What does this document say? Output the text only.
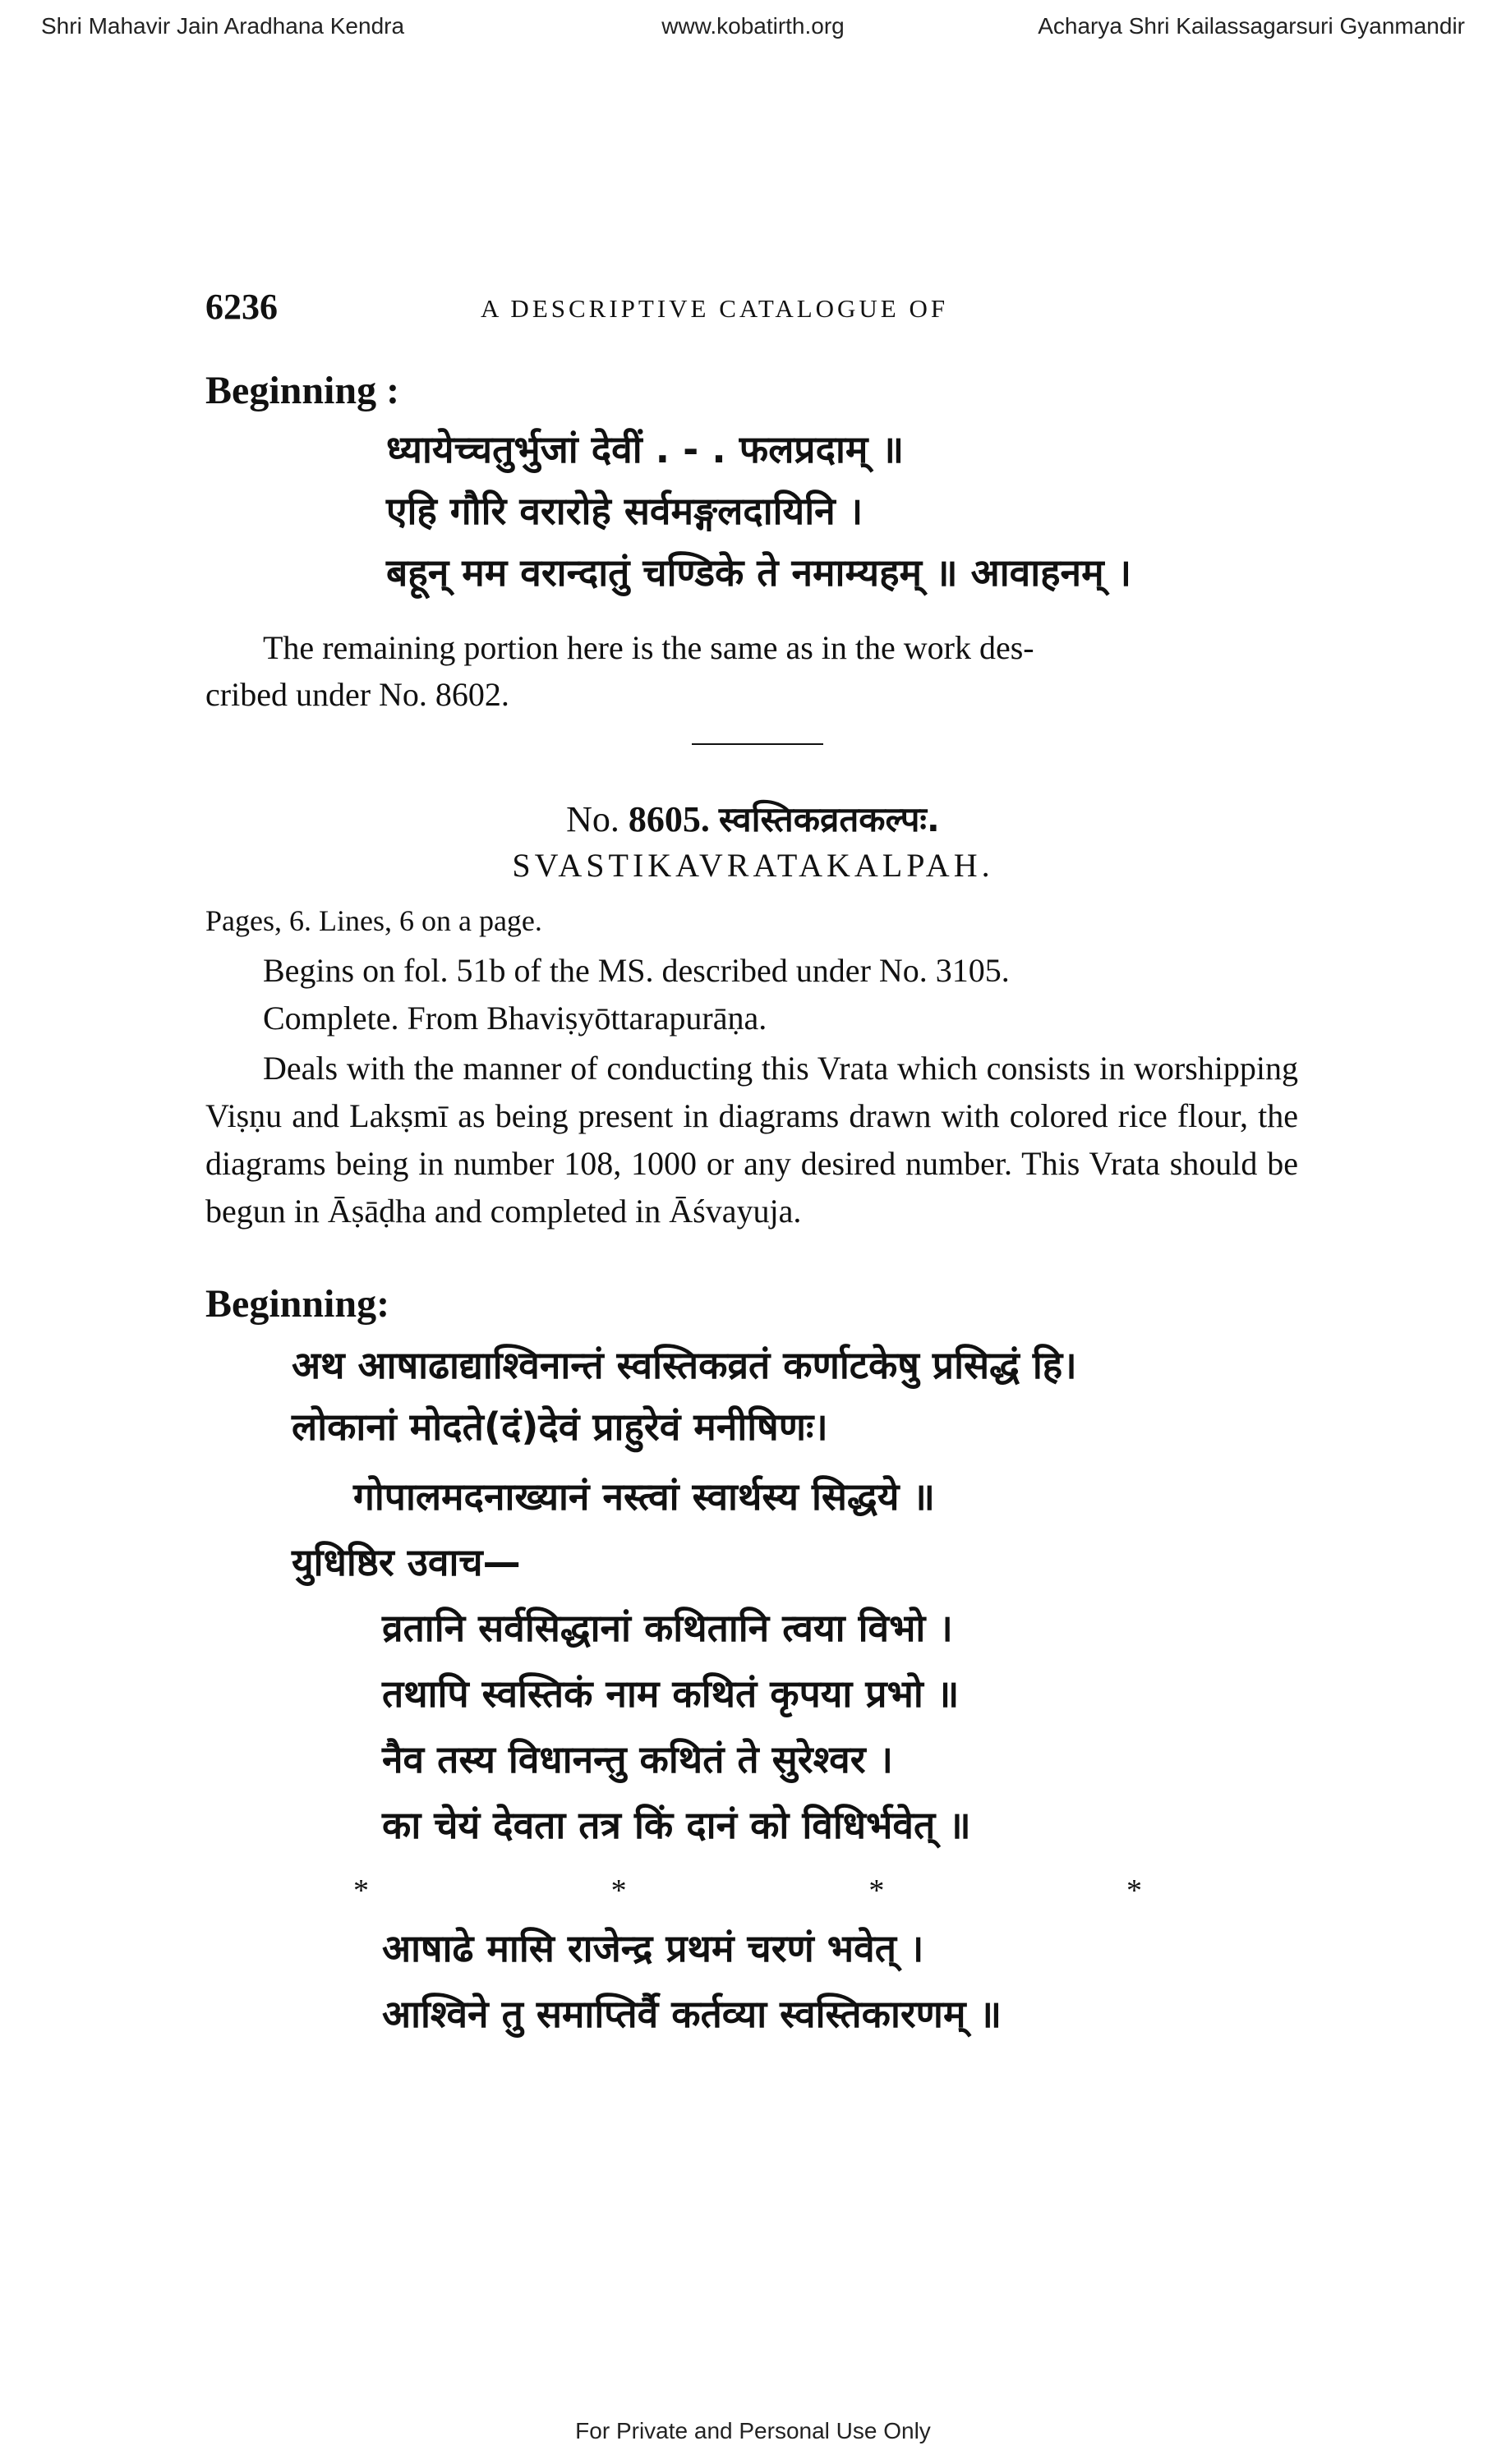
Shri Mahavir Jain Aradhana Kendra	www.kobatirth.org	Acharya Shri Kailassagarsuri Gyanmandir
6236	A DESCRIPTIVE CATALOGUE OF
Beginning :
ध्यायेच्चतुर्भुजां देवीं . - . फलप्रदाम् ॥
एहि गौरि वरारोहे सर्वमङ्गलदायिनि ।
बहून् मम वरान्दातुं चण्डिके ते नमाम्यहम् ॥ आवाहनम् ।
The remaining portion here is the same as in the work des-
cribed under No. 8602.
No. 8605. स्वस्तिकव्रतकल्पः.
SVASTIKAVRATAKALPAH.
Pages, 6. Lines, 6 on a page.
Begins on fol. 51b of the MS. described under No. 3105.
Complete. From Bhaviṣyōttarapurāṇa.
Deals with the manner of conducting this Vrata which consists in worshipping Viṣṇu and Lakṣmī as being present in diagrams drawn with colored rice flour, the diagrams being in number 108, 1000 or any desired number. This Vrata should be begun in Āṣāḍha and completed in Āśvayuja.
Beginning:
अथ आषाढाद्याश्विनान्तं स्वस्तिकव्रतं कर्णाटकेषु प्रसिद्धं हि।
लोकानां मोदते(दं)देवं प्राहुरेवं मनीषिणः।
गोपालमदनाख्यानं नस्त्वां स्वार्थस्य सिद्धये ॥
युधिष्ठिर उवाच—
व्रतानि सर्वसिद्धानां कथितानि त्वया विभो ।
तथापि स्वस्तिकं नाम कथितं कृपया प्रभो ॥
नैव तस्य विधानन्तु कथितं ते सुरेश्वर ।
का चेयं देवता तत्र किं दानं को विधिर्भवेत् ॥
*	*	*	*
आषाढे मासि राजेन्द्र प्रथमं चरणं भवेत् ।
आश्विने तु समाप्तिर्वै कर्तव्या स्वस्तिकारणम् ॥
For Private and Personal Use Only
